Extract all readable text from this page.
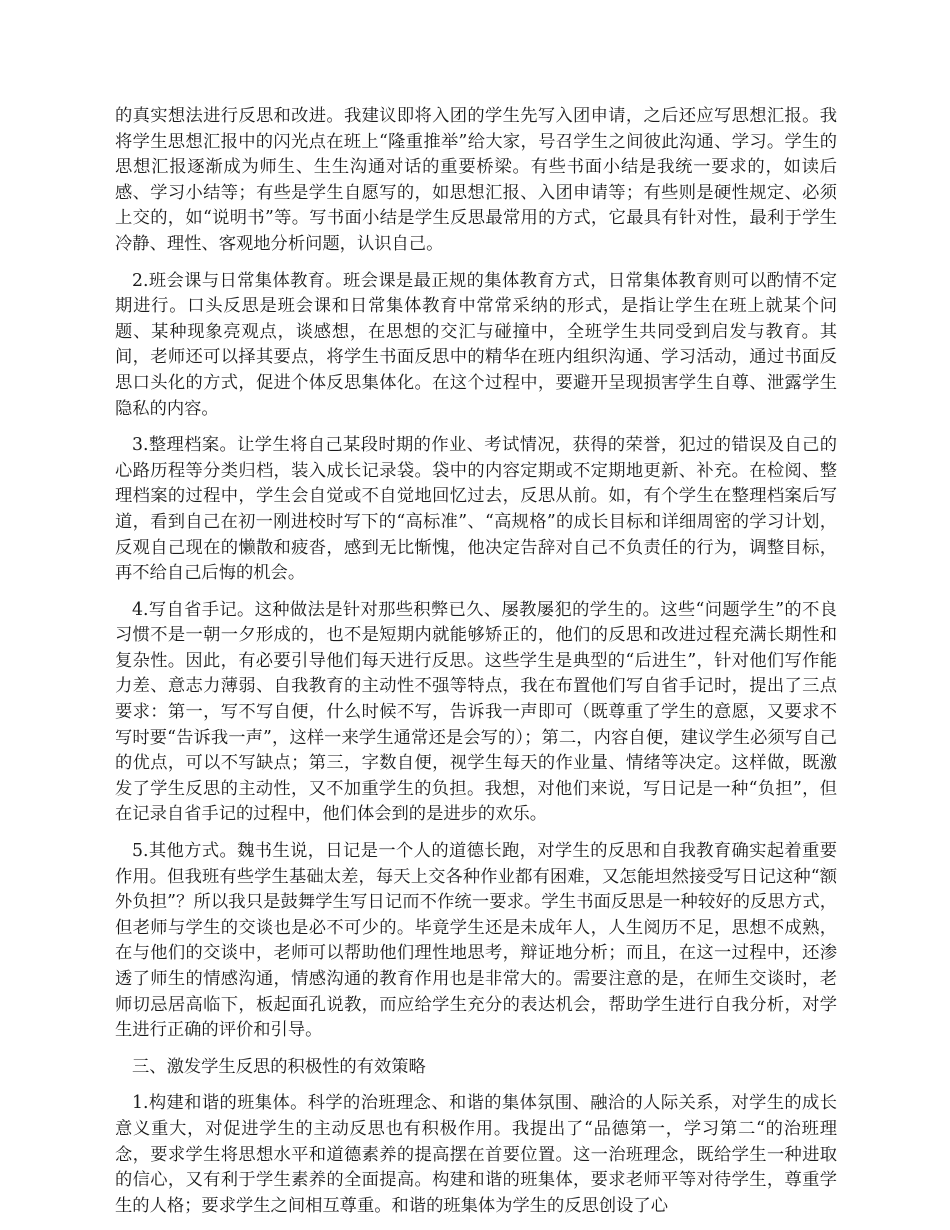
的真实想法进行反思和改进。我建议即将入团的学生先写入团申请，之后还应写思想汇报。我将学生思想汇报中的闪光点在班上“隆重推举”给大家，号召学生之间彼此沟通、学习。学生的思想汇报逐渐成为师生、生生沟通对话的重要桥梁。有些书面小结是我统一要求的，如读后感、学习小结等；有些是学生自愿写的，如思想汇报、入团申请等；有些则是硬性规定、必须上交的，如“说明书”等。写书面小结是学生反思最常用的方式，它最具有针对性，最利于学生冷静、理性、客观地分析问题，认识自己。

2.班会课与日常集体教育。班会课是最正规的集体教育方式，日常集体教育则可以酌情不定期进行。口头反思是班会课和日常集体教育中常常采纳的形式，是指让学生在班上就某个问题、某种现象亮观点，谈感想，在思想的交汇与碰撞中，全班学生共同受到启发与教育。其间，老师还可以择其要点，将学生书面反思中的精华在班内组织沟通、学习活动，通过书面反思口头化的方式，促进个体反思集体化。在这个过程中，要避开呈现损害学生自尊、泄露学生隐私的内容。

3.整理档案。让学生将自己某段时期的作业、考试情况，获得的荣誉，犯过的错误及自己的心路历程等分类归档，装入成长记录袋。袋中的内容定期或不定期地更新、补充。在检阅、整理档案的过程中，学生会自觉或不自觉地回忆过去，反思从前。如，有个学生在整理档案后写道，看到自己在初一刚进校时写下的“高标准”、“高规格”的成长目标和详细周密的学习计划，反观自己现在的懒散和疲沓，感到无比惭愧，他决定告辞对自己不负责任的行为，调整目标，再不给自己后悔的机会。

4.写自省手记。这种做法是针对那些积弊已久、屡教屡犯的学生的。这些“问题学生”的不良习惯不是一朝一夕形成的，也不是短期内就能够矫正的，他们的反思和改进过程充满长期性和复杂性。因此，有必要引导他们每天进行反思。这些学生是典型的“后进生”，针对他们写作能力差、意志力薄弱、自我教育的主动性不强等特点，我在布置他们写自省手记时，提出了三点要求：第一，写不写自便，什么时候不写，告诉我一声即可（既尊重了学生的意愿，又要求不写时要“告诉我一声”，这样一来学生通常还是会写的）；第二，内容自便，建议学生必须写自己的优点，可以不写缺点；第三，字数自便，视学生每天的作业量、情绪等决定。这样做，既激发了学生反思的主动性，又不加重学生的负担。我想，对他们来说，写日记是一种“负担”，但在记录自省手记的过程中，他们体会到的是进步的欢乐。

5.其他方式。魏书生说，日记是一个人的道德长跑，对学生的反思和自我教育确实起着重要作用。但我班有些学生基础太差，每天上交各种作业都有困难，又怎能坦然接受写日记这种“额外负担”？所以我只是鼓舞学生写日记而不作统一要求。学生书面反思是一种较好的反思方式，但老师与学生的交谈也是必不可少的。毕竟学生还是未成年人，人生阅历不足，思想不成熟，在与他们的交谈中，老师可以帮助他们理性地思考，辩证地分析；而且，在这一过程中，还渗透了师生的情感沟通，情感沟通的教育作用也是非常大的。需要注意的是，在师生交谈时，老师切忌居高临下，板起面孔说教，而应给学生充分的表达机会，帮助学生进行自我分析，对学生进行正确的评价和引导。

三、激发学生反思的积极性的有效策略

1.构建和谐的班集体。科学的治班理念、和谐的集体氛围、融洽的人际关系，对学生的成长意义重大，对促进学生的主动反思也有积极作用。我提出了“品德第一，学习第二“的治班理念，要求学生将思想水平和道德素养的提高摆在首要位置。这一治班理念，既给学生一种进取的信心，又有利于学生素养的全面提高。构建和谐的班集体，要求老师平等对待学生，尊重学生的人格；要求学生之间相互尊重。和谐的班集体为学生的反思创设了心
